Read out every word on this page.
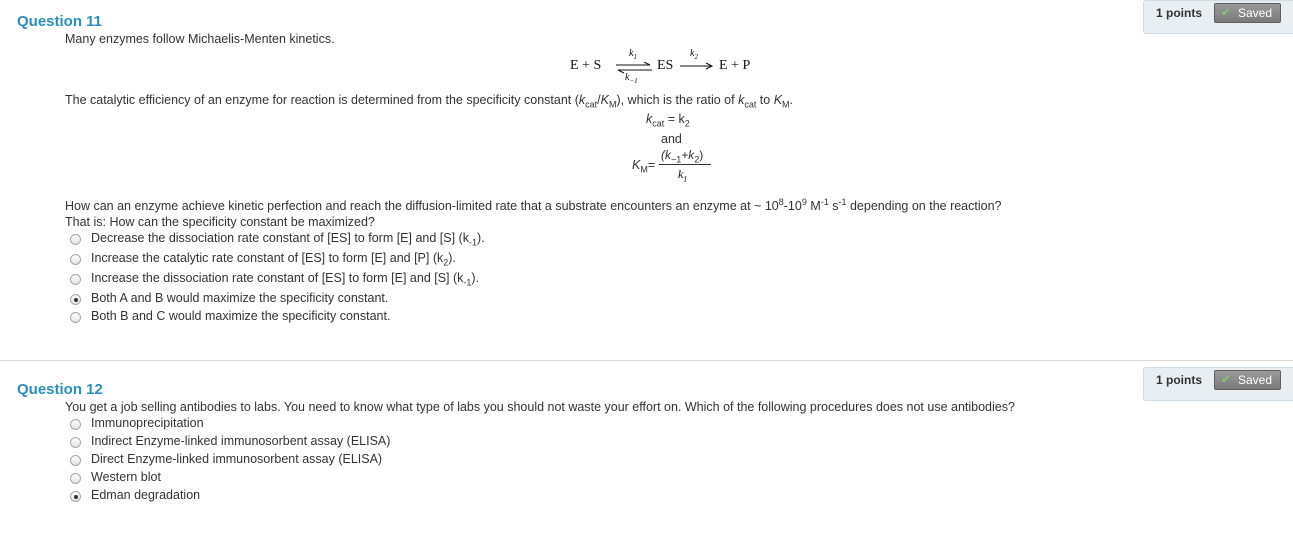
Question 11	1 points ✔ Saved
Many enzymes follow Michaelis-Menten kinetics.
E + S ⇌
$k_1$
$k_{-1}$
ES
$k_2$
E + P
The catalytic efficiency of an enzyme for reaction is determined from the specificity constant $(k_{cat}/K_M)$, which is the ratio of $k_{cat}$ to $K_M$.
$k_{cat} = k_2$
and
$K_M=$
$(k_{-1}+k_2)$
$k_1$
How can an enzyme achieve kinetic perfection and reach the diffusion-limited rate that a substrate encounters an enzyme at ~ $10^8-10^9$ $M^{-1}$ $s^{-1}$ depending on the reaction?
That is: How can the specificity constant be maximized?
Decrease the dissociation rate constant of [ES] to form [E] and [S] $(k_{-1})$.
Increase the catalytic rate constant of [ES] to form [E] and [P] $(k_2)$.
Increase the dissociation rate constant of [ES] to form [E] and [S] $(k_{-1})$.
Both A and B would maximize the specificity constant.
Both B and C would maximize the specificity constant.
Question 12
1 points ✔ Saved
You get a job selling antibodies to labs. You need to know what type of labs you should not waste your effort on. Which of the following procedures does not use antibodies?
Immunoprecipitation
Indirect Enzyme-linked immunosorbent assay (ELISA)
Direct Enzyme-linked immunosorbent assay (ELISA)
Western blot
Edman degradation
